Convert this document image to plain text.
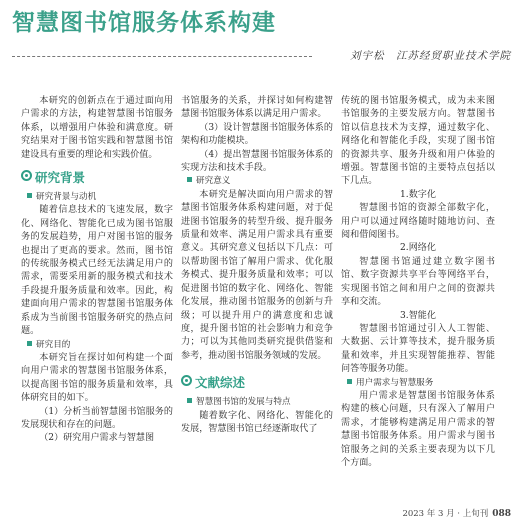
智慧图书馆服务体系构建
刘宇松　江苏经贸职业技术学院

本研究的创新点在于通过面向用户需求的方法，构建智慧图书馆服务体系，以增强用户体验和满意度。研究结果对于图书馆实践和智慧图书馆建设具有重要的理论和实践价值。

研究背景
研究背景与动机

随着信息技术的飞速发展，数字化、网络化、智能化已成为图书馆服务的发展趋势，用户对图书馆的服务也提出了更高的要求。然而，图书馆的传统服务模式已经无法满足用户的需求，需要采用新的服务模式和技术手段提升服务质量和效率。因此，构建面向用户需求的智慧图书馆服务体系成为当前图书馆服务研究的热点问题。

研究目的

本研究旨在探讨如何构建一个面向用户需求的智慧图书馆服务体系，以提高图书馆的服务质量和效率，具体研究目的如下。

（1）分析当前智慧图书馆服务的发展现状和存在的问题。

（2）研究用户需求与智慧图

书馆服务的关系，并探讨如何构建智慧图书馆服务体系以满足用户需求。

（3）设计智慧图书馆服务体系的架构和功能模块。

（4）提出智慧图书馆服务体系的实现方法和技术手段。

研究意义

本研究是解决面向用户需求的智慧图书馆服务体系构建问题，对于促进图书馆服务的转型升级、提升服务质量和效率、满足用户需求具有重要意义。其研究意义包括以下几点：可以帮助图书馆了解用户需求、优化服务模式、提升服务质量和效率；可以促进图书馆的数字化、网络化、智能化发展，推动图书馆服务的创新与升级；可以提升用户的满意度和忠诚度，提升图书馆的社会影响力和竞争力；可以为其他同类研究提供借鉴和参考，推动图书馆服务领域的发展。

文献综述
智慧图书馆的发展与特点

随着数字化、网络化、智能化的发展，智慧图书馆已经逐渐取代了

传统的图书馆服务模式，成为未来图书馆服务的主要发展方向。智慧图书馆以信息技术为支撑，通过数字化、网络化和智能化手段，实现了图书馆的资源共享、服务升级和用户体验的增强。智慧图书馆的主要特点包括以下几点。

1.数字化

智慧图书馆的资源全部数字化，用户可以通过网络随时随地访问、查阅和借阅图书。

2.网络化

智慧图书馆通过建立数字图书馆、数字资源共享平台等网络平台，实现图书馆之间和用户之间的资源共享和交流。

3.智能化

智慧图书馆通过引入人工智能、大数据、云计算等技术，提升服务质量和效率，并且实现智能推荐、智能问答等服务功能。

用户需求与智慧服务

用户需求是智慧图书馆服务体系构建的核心问题，只有深入了解用户需求，才能够构建满足用户需求的智慧图书馆服务体系。用户需求与图书馆服务之间的关系主要表现为以下几个方面。

2023 年 3 月 · 上旬刊 088
